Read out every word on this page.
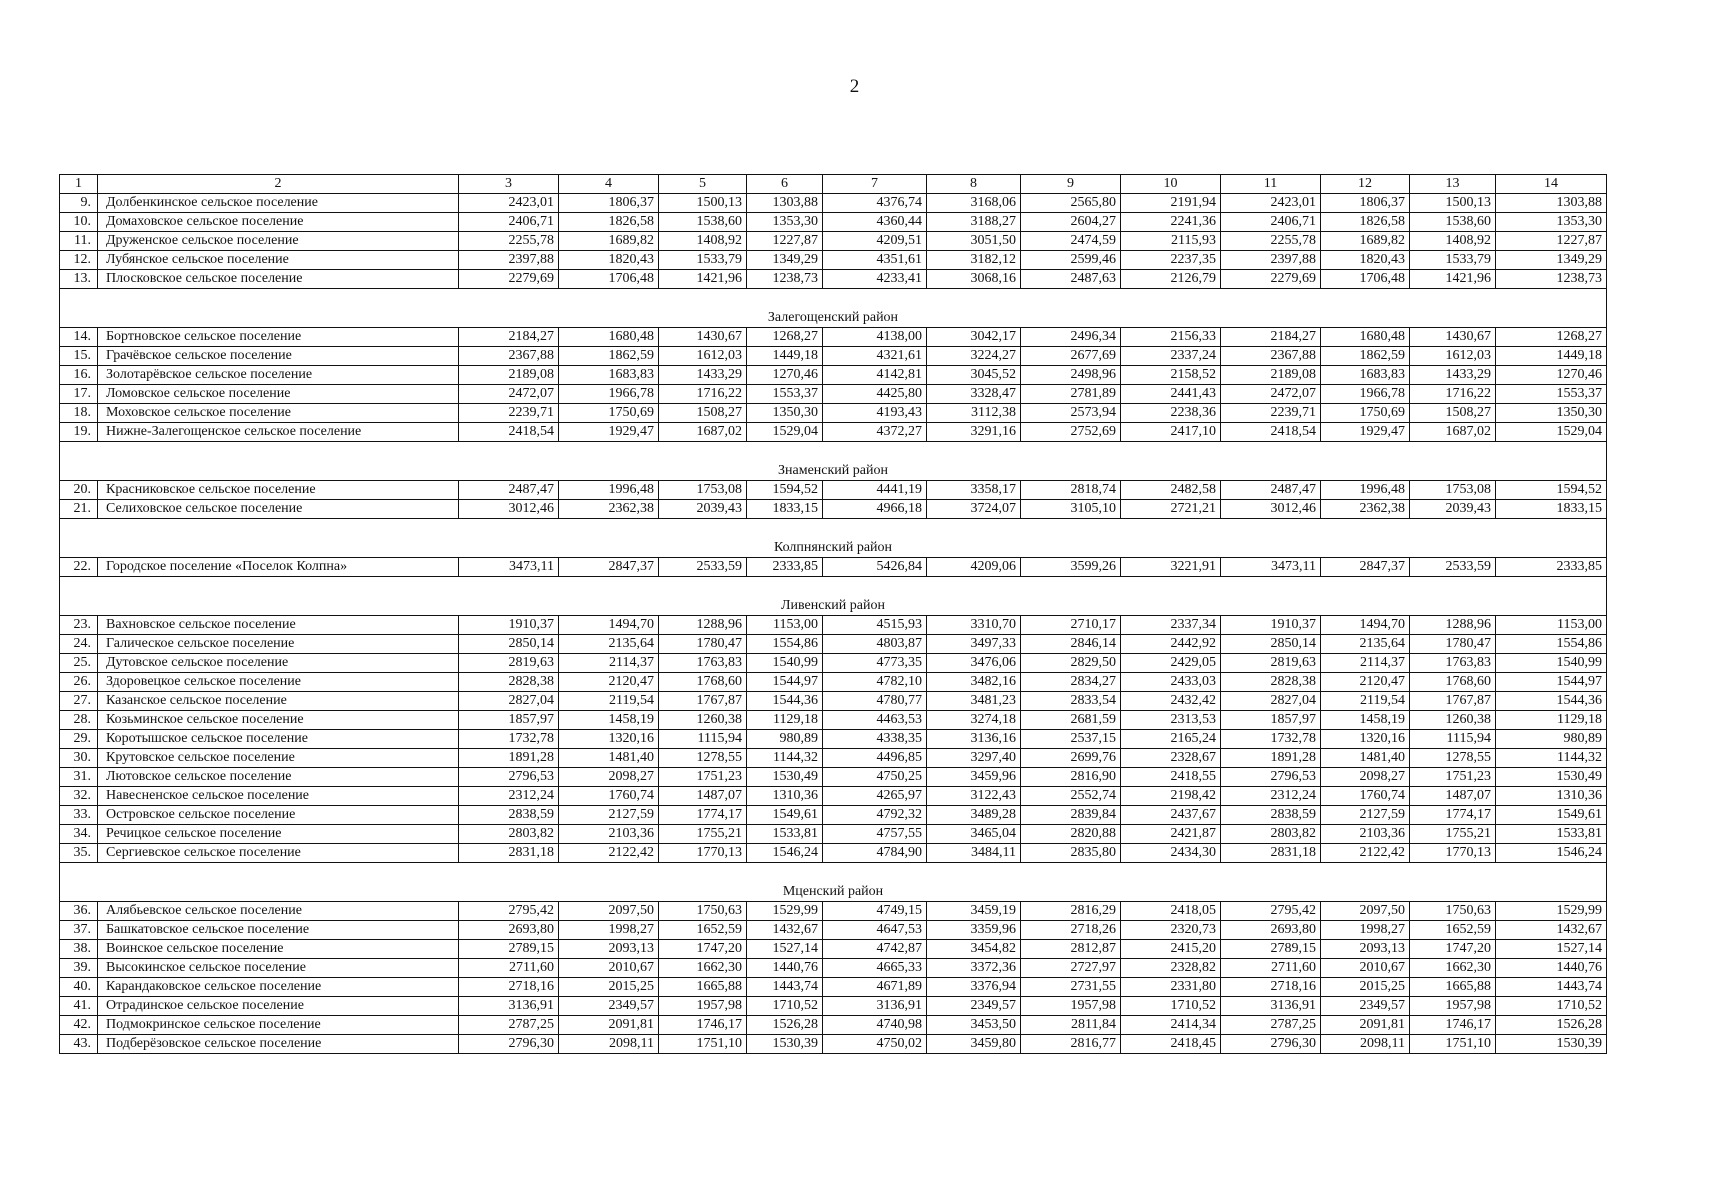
2
1	2	3	4	5	6	7	8	9	10	11	12	13	14
9.	Долбенкинское сельское поселение	2423,01	1806,37	1500,13	1303,88	4376,74	3168,06	2565,80	2191,94	2423,01	1806,37	1500,13	1303,88
10.	Домаховское сельское поселение	2406,71	1826,58	1538,60	1353,30	4360,44	3188,27	2604,27	2241,36	2406,71	1826,58	1538,60	1353,30
11.	Друженское сельское поселение	2255,78	1689,82	1408,92	1227,87	4209,51	3051,50	2474,59	2115,93	2255,78	1689,82	1408,92	1227,87
12.	Лубянское сельское поселение	2397,88	1820,43	1533,79	1349,29	4351,61	3182,12	2599,46	2237,35	2397,88	1820,43	1533,79	1349,29
13.	Плосковское сельское поселение	2279,69	1706,48	1421,96	1238,73	4233,41	3068,16	2487,63	2126,79	2279,69	1706,48	1421,96	1238,73

Залегощенский район													
14.	Бортновское сельское поселение	2184,27	1680,48	1430,67	1268,27	4138,00	3042,17	2496,34	2156,33	2184,27	1680,48	1430,67	1268,27
15.	Грачёвское сельское поселение	2367,88	1862,59	1612,03	1449,18	4321,61	3224,27	2677,69	2337,24	2367,88	1862,59	1612,03	1449,18
16.	Золотарёвское сельское поселение	2189,08	1683,83	1433,29	1270,46	4142,81	3045,52	2498,96	2158,52	2189,08	1683,83	1433,29	1270,46
17.	Ломовское сельское поселение	2472,07	1966,78	1716,22	1553,37	4425,80	3328,47	2781,89	2441,43	2472,07	1966,78	1716,22	1553,37
18.	Моховское сельское поселение	2239,71	1750,69	1508,27	1350,30	4193,43	3112,38	2573,94	2238,36	2239,71	1750,69	1508,27	1350,30
19.	Нижне-Залегощенское сельское поселение	2418,54	1929,47	1687,02	1529,04	4372,27	3291,16	2752,69	2417,10	2418,54	1929,47	1687,02	1529,04

Знаменский район													
20.	Красниковское сельское поселение	2487,47	1996,48	1753,08	1594,52	4441,19	3358,17	2818,74	2482,58	2487,47	1996,48	1753,08	1594,52
21.	Селиховское сельское поселение	3012,46	2362,38	2039,43	1833,15	4966,18	3724,07	3105,10	2721,21	3012,46	2362,38	2039,43	1833,15

Колпнянский район													
22.	Городское поселение «Поселок Колпна»	3473,11	2847,37	2533,59	2333,85	5426,84	4209,06	3599,26	3221,91	3473,11	2847,37	2533,59	2333,85

Ливенский район													
23.	Вахновское сельское поселение	1910,37	1494,70	1288,96	1153,00	4515,93	3310,70	2710,17	2337,34	1910,37	1494,70	1288,96	1153,00
24.	Галическое сельское поселение	2850,14	2135,64	1780,47	1554,86	4803,87	3497,33	2846,14	2442,92	2850,14	2135,64	1780,47	1554,86
25.	Дутовское сельское поселение	2819,63	2114,37	1763,83	1540,99	4773,35	3476,06	2829,50	2429,05	2819,63	2114,37	1763,83	1540,99
26.	Здоровецкое сельское поселение	2828,38	2120,47	1768,60	1544,97	4782,10	3482,16	2834,27	2433,03	2828,38	2120,47	1768,60	1544,97
27.	Казанское сельское поселение	2827,04	2119,54	1767,87	1544,36	4780,77	3481,23	2833,54	2432,42	2827,04	2119,54	1767,87	1544,36
28.	Козьминское сельское поселение	1857,97	1458,19	1260,38	1129,18	4463,53	3274,18	2681,59	2313,53	1857,97	1458,19	1260,38	1129,18
29.	Коротышское сельское поселение	1732,78	1320,16	1115,94	980,89	4338,35	3136,16	2537,15	2165,24	1732,78	1320,16	1115,94	980,89
30.	Крутовское сельское поселение	1891,28	1481,40	1278,55	1144,32	4496,85	3297,40	2699,76	2328,67	1891,28	1481,40	1278,55	1144,32
31.	Лютовское сельское поселение	2796,53	2098,27	1751,23	1530,49	4750,25	3459,96	2816,90	2418,55	2796,53	2098,27	1751,23	1530,49
32.	Навесненское сельское поселение	2312,24	1760,74	1487,07	1310,36	4265,97	3122,43	2552,74	2198,42	2312,24	1760,74	1487,07	1310,36
33.	Островское сельское поселение	2838,59	2127,59	1774,17	1549,61	4792,32	3489,28	2839,84	2437,67	2838,59	2127,59	1774,17	1549,61
34.	Речицкое сельское поселение	2803,82	2103,36	1755,21	1533,81	4757,55	3465,04	2820,88	2421,87	2803,82	2103,36	1755,21	1533,81
35.	Сергиевское сельское поселение	2831,18	2122,42	1770,13	1546,24	4784,90	3484,11	2835,80	2434,30	2831,18	2122,42	1770,13	1546,24

Мценский район													
36.	Алябьевское сельское поселение	2795,42	2097,50	1750,63	1529,99	4749,15	3459,19	2816,29	2418,05	2795,42	2097,50	1750,63	1529,99
37.	Башкатовское сельское поселение	2693,80	1998,27	1652,59	1432,67	4647,53	3359,96	2718,26	2320,73	2693,80	1998,27	1652,59	1432,67
38.	Воинское сельское поселение	2789,15	2093,13	1747,20	1527,14	4742,87	3454,82	2812,87	2415,20	2789,15	2093,13	1747,20	1527,14
39.	Высокинское сельское поселение	2711,60	2010,67	1662,30	1440,76	4665,33	3372,36	2727,97	2328,82	2711,60	2010,67	1662,30	1440,76
40.	Карандаковское сельское поселение	2718,16	2015,25	1665,88	1443,74	4671,89	3376,94	2731,55	2331,80	2718,16	2015,25	1665,88	1443,74
41.	Отрадинское сельское поселение	3136,91	2349,57	1957,98	1710,52	3136,91	2349,57	1957,98	1710,52	3136,91	2349,57	1957,98	1710,52
42.	Подмокринское сельское поселение	2787,25	2091,81	1746,17	1526,28	4740,98	3453,50	2811,84	2414,34	2787,25	2091,81	1746,17	1526,28
43.	Подберёзовское сельское поселение	2796,30	2098,11	1751,10	1530,39	4750,02	3459,80	2816,77	2418,45	2796,30	2098,11	1751,10	1530,39
